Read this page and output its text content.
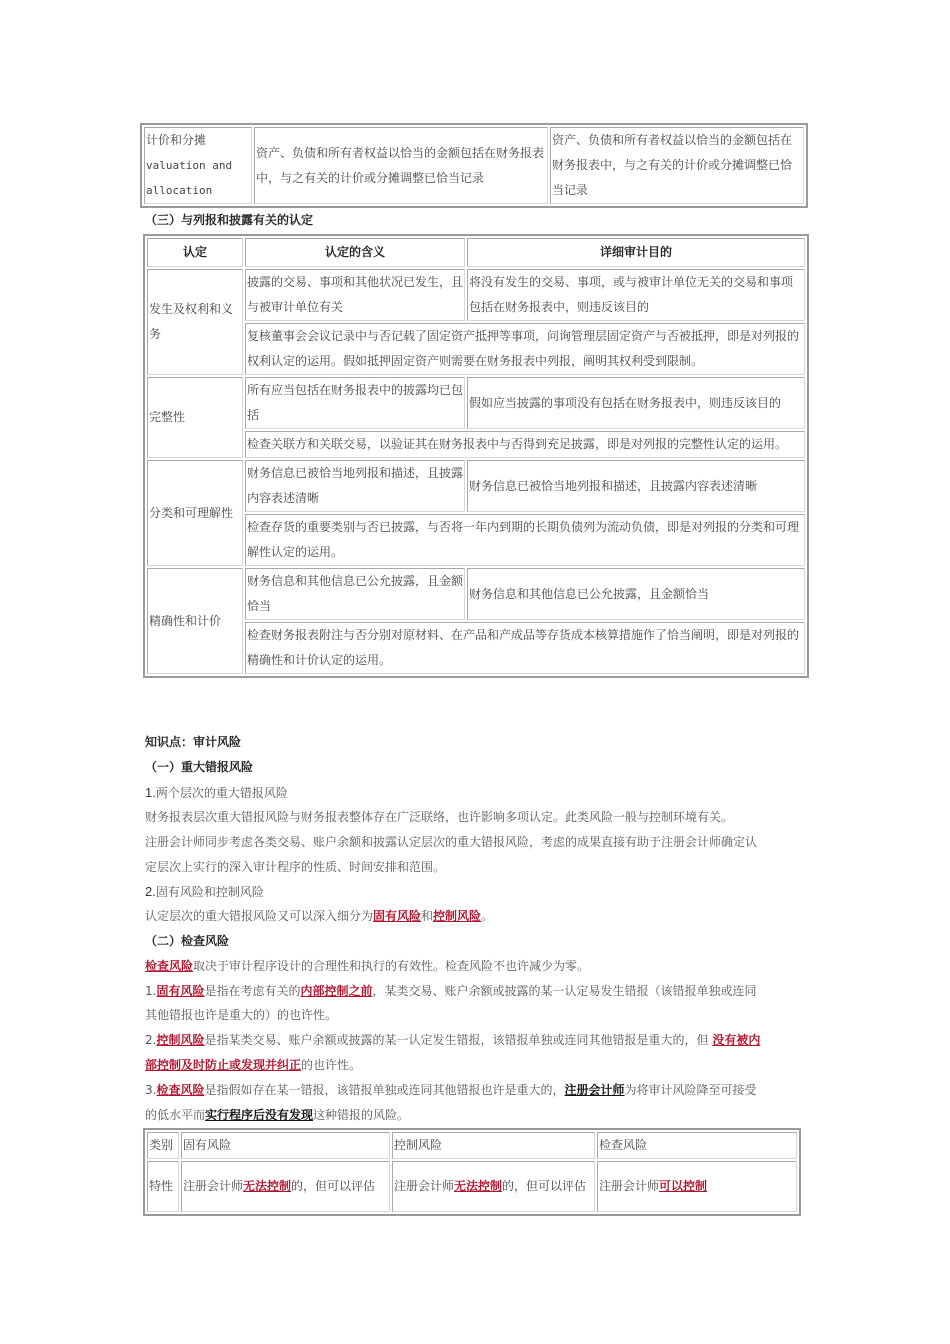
计价和分摊
valuation and
allocation
	资产、负债和所有者权益以恰当的金额包括在财务报表中，与之有关的计价或分摊调整已恰当记录	资产、负债和所有者权益以恰当的金额包括在财务报表中，与之有关的计价或分摊调整已恰当记录
（三）与列报和披露有关的认定
认定	认定的含义	详细审计目的
发生及权利和义务	披露的交易、事项和其他状况已发生，且与被审计单位有关	将没有发生的交易、事项，或与被审计单位无关的交易和事项包括在财务报表中，则违反该目的
	复核董事会会议记录中与否记载了固定资产抵押等事项，问询管理层固定资产与否被抵押，即是对列报的权利认定的运用。假如抵押固定资产则需要在财务报表中列报，阐明其权利受到限制。	
完整性	所有应当包括在财务报表中的披露均已包括	假如应当披露的事项没有包括在财务报表中，则违反该目的
	检查关联方和关联交易，以验证其在财务报表中与否得到充足披露，即是对列报的完整性认定的运用。	
分类和可理解性	财务信息已被恰当地列报和描述，且披露内容表述清晰	财务信息已被恰当地列报和描述，且披露内容表述清晰
	检查存货的重要类别与否已披露，与否将一年内到期的长期负债列为流动负债，即是对列报的分类和可理解性认定的运用。	
精确性和计价	财务信息和其他信息已公允披露，且金额恰当	财务信息和其他信息已公允披露，且金额恰当
	检查财务报表附注与否分别对原材料、在产品和产成品等存货成本核算措施作了恰当阐明，即是对列报的精确性和计价认定的运用。	
知识点：审计风险
（一）重大错报风险
1.两个层次的重大错报风险
财务报表层次重大错报风险与财务报表整体存在广泛联络，也许影响多项认定。此类风险一般与控制环境有关。
注册会计师同步考虑各类交易、账户余额和披露认定层次的重大错报风险，考虑的成果直接有助于注册会计师确定认
定层次上实行的深入审计程序的性质、时间安排和范围。
2.固有风险和控制风险
认定层次的重大错报风险又可以深入细分为固有风险和控制风险。
（二）检查风险
检查风险取决于审计程序设计的合理性和执行的有效性。检查风险不也许减少为零。
1.固有风险是指在考虑有关的内部控制之前，某类交易、账户余额或披露的某一认定易发生错报（该错报单独或连同
其他错报也许是重大的）的也许性。
2.控制风险是指某类交易、账户余额或披露的某一认定发生错报，该错报单独或连同其他错报是重大的，但 没有被内
部控制及时防止或发现并纠正的也许性。
3.检查风险是指假如存在某一错报，该错报单独或连同其他错报也许是重大的，注册会计师为将审计风险降至可接受
的低水平而实行程序后没有发现这种错报的风险。
类别	固有风险	控制风险	检查风险
特性	注册会计师无法控制的，但可以评估	注册会计师无法控制的，但可以评估	注册会计师可以控制
